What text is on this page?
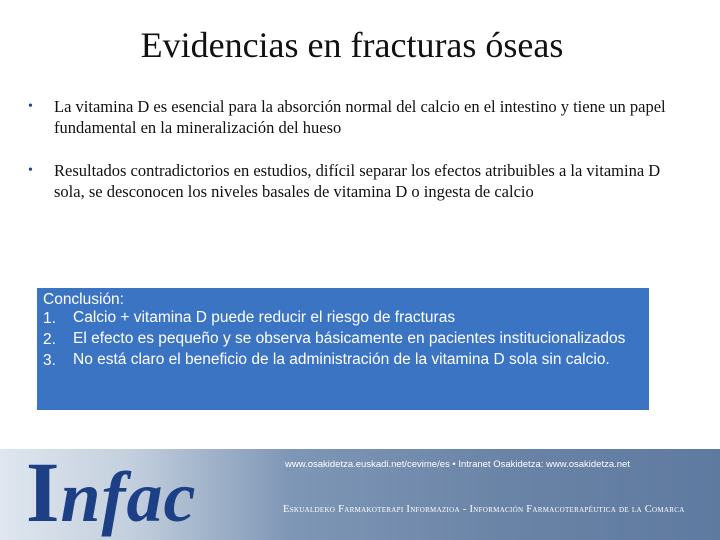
Evidencias en fracturas óseas
•	La vitamina D es esencial para la absorción normal del calcio en el intestino y tiene un papel fundamental en la mineralización del hueso
•	Resultados contradictorios en estudios, difícil separar los efectos atribuibles a la vitamina D sola, se desconocen los niveles basales de vitamina D o ingesta de calcio
Conclusión:
1.	Calcio + vitamina D puede reducir el riesgo de fracturas
2.	El efecto es pequeño y se observa básicamente en pacientes institucionalizados
3.	No está claro el beneficio de la administración de la vitamina D sola sin calcio.
Infac	www.osakidetza.euskadi.net/cevime/es • Intranet Osakidetza: www.osakidetza.net
Eskualdeko Farmakoterapi Informazioa - Información Farmacoterapéutica de la Comarca
